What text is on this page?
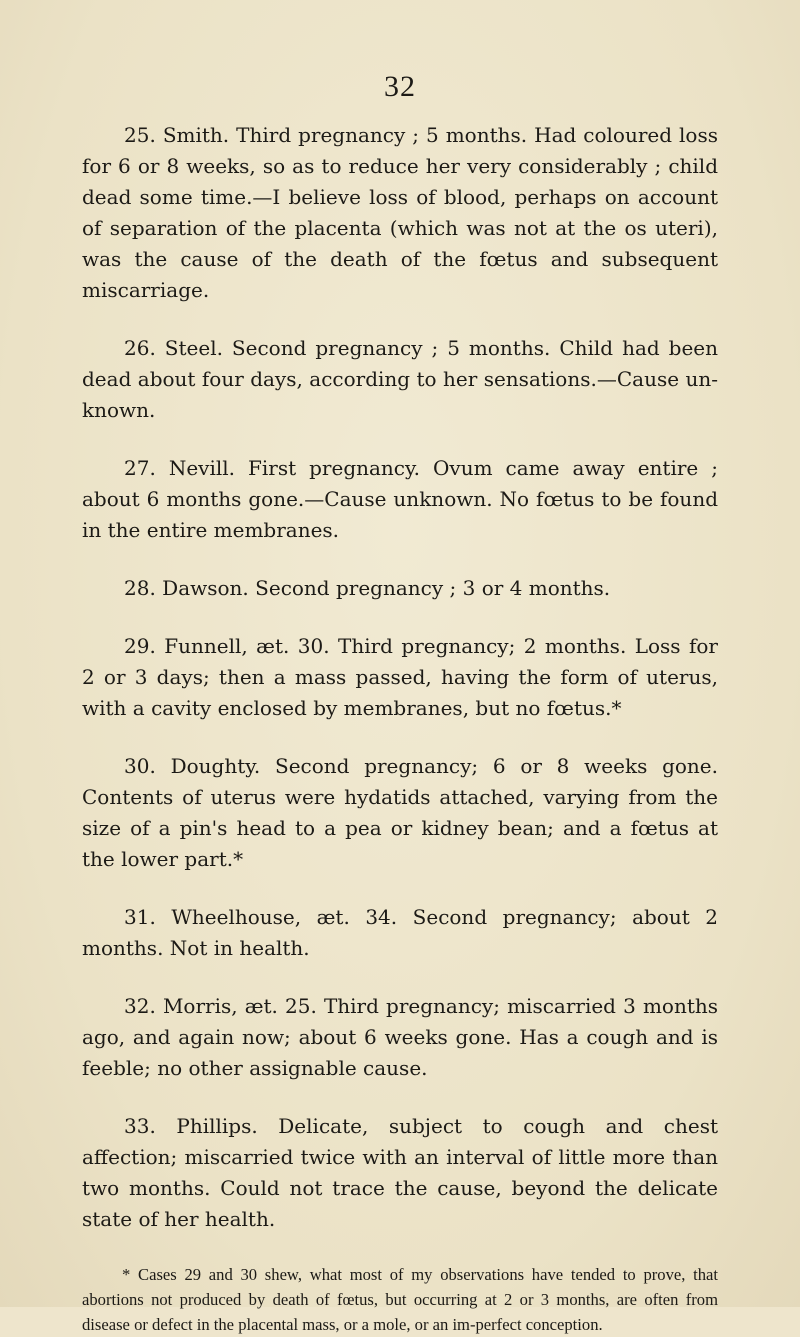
32

25. Smith. Third pregnancy ; 5 months. Had coloured loss for 6 or 8 weeks, so as to reduce her very considerably ; child dead some time.—I believe loss of blood, perhaps on account of separation of the placenta (which was not at the os uteri), was the cause of the death of the fœtus and subsequent miscarriage.

26. Steel. Second pregnancy ; 5 months. Child had been dead about four days, according to her sensations.—Cause un-known.

27. Nevill. First pregnancy. Ovum came away entire ; about 6 months gone.—Cause unknown. No fœtus to be found in the entire membranes.

28. Dawson. Second pregnancy ; 3 or 4 months.

29. Funnell, æt. 30. Third pregnancy; 2 months. Loss for 2 or 3 days; then a mass passed, having the form of uterus, with a cavity enclosed by membranes, but no fœtus.*

30. Doughty. Second pregnancy; 6 or 8 weeks gone. Contents of uterus were hydatids attached, varying from the size of a pin's head to a pea or kidney bean; and a fœtus at the lower part.*

31. Wheelhouse, æt. 34. Second pregnancy; about 2 months. Not in health.

32. Morris, æt. 25. Third pregnancy; miscarried 3 months ago, and again now; about 6 weeks gone. Has a cough and is feeble; no other assignable cause.

33. Phillips. Delicate, subject to cough and chest affection; miscarried twice with an interval of little more than two months. Could not trace the cause, beyond the delicate state of her health.

* Cases 29 and 30 shew, what most of my observations have tended to prove, that abortions not produced by death of fœtus, but occurring at 2 or 3 months, are often from disease or defect in the placental mass, or a mole, or an im-perfect conception.
